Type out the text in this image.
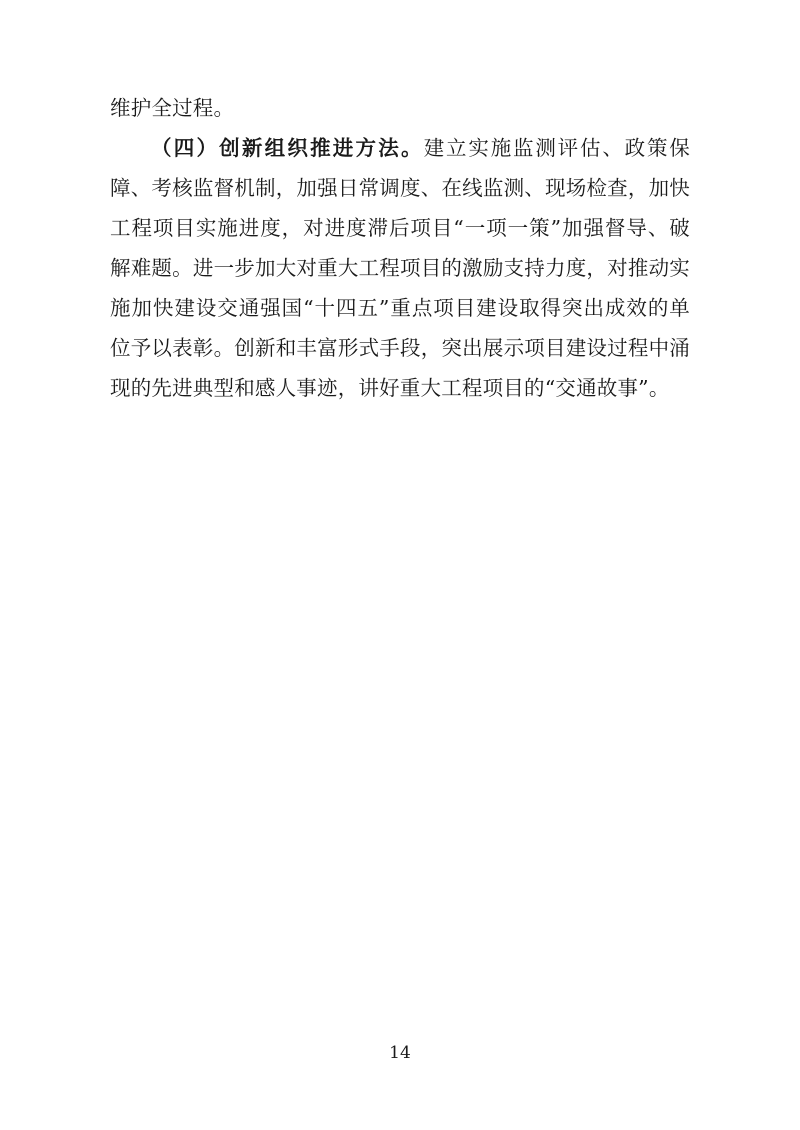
维护全过程。

（四）创新组织推进方法。建立实施监测评估、政策保障、考核监督机制，加强日常调度、在线监测、现场检查，加快工程项目实施进度，对进度滞后项目“一项一策”加强督导、破解难题。进一步加大对重大工程项目的激励支持力度，对推动实施加快建设交通强国“十四五”重点项目建设取得突出成效的单位予以表彰。创新和丰富形式手段，突出展示项目建设过程中涌现的先进典型和感人事迹，讲好重大工程项目的“交通故事”。

14
